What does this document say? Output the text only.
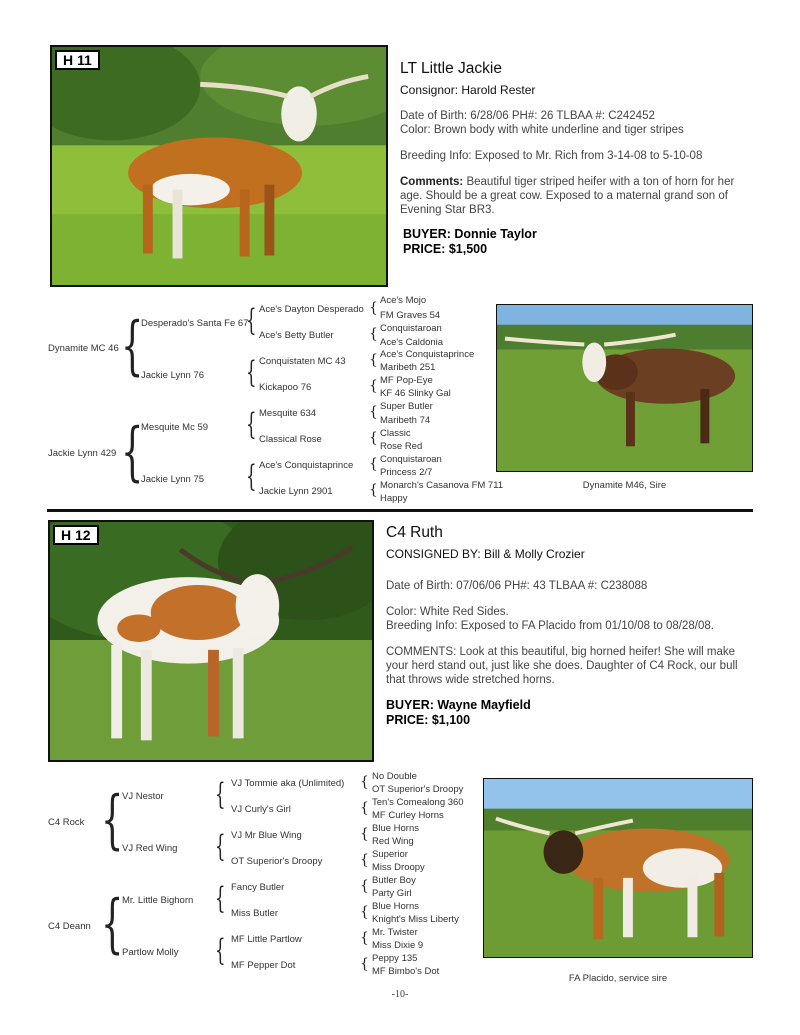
H 11	LT Little Jackie
Consignor: Harold Rester

Date of Birth: 6/28/06 PH#: 26 TLBAA #: C242452
Color: Brown body with white underline and tiger stripes

Breeding Info: Exposed to Mr. Rich from 3-14-08 to 5-10-08

Comments: Beautiful tiger striped heifer with a ton of horn for her age. Should be a great cow. Exposed to a maternal grand son of Evening Star BR3.

BUYER: Donnie Taylor
PRICE: $1,500
Dynamite MC 46
Jackie Lynn 429
{
{
Desperado's Santa Fe 67
Jackie Lynn 76
Mesquite Mc 59
Jackie Lynn 75
{
{
{
{
Ace's Dayton Desperado
Ace's Betty Butler
Conquistaten MC 43
Kickapoo 76
Mesquite 634
Classical Rose
Ace's Conquistaprince
Jackie Lynn 2901
{
{
{
{
{
{
{
{
Ace's Mojo
FM Graves 54
Conquistaroan
Ace's Caldonia
Ace's Conquistaprince
Maribeth 251
MF Pop-Eye
KF 46 Slinky Gal
Super Butler
Maribeth 74
Classic
Rose Red
Conquistaroan
Princess 2/7
Monarch's Casanova FM 711
Happy
Dynamite M46, Sire
H 12	C4 Ruth
CONSIGNED BY: Bill & Molly Crozier

Date of Birth: 07/06/06 PH#: 43 TLBAA #: C238088

Color: White Red Sides.
Breeding Info: Exposed to FA Placido from 01/10/08 to 08/28/08.

COMMENTS: Look at this beautiful, big horned heifer! She will make your herd stand out, just like she does. Daughter of C4 Rock, our bull that throws wide stretched horns.

BUYER: Wayne Mayfield
PRICE: $1,100
C4 Rock
C4 Deann
{
{
VJ Nestor
VJ Red Wing
Mr. Little Bighorn
Partlow Molly
{
{
{
{
VJ Tommie aka (Unlimited)
VJ Curly's Girl
VJ Mr Blue Wing
OT Superior's Droopy
Fancy Butler
Miss Butler
MF Little Partlow
MF Pepper Dot
{
{
{
{
{
{
{
{
No Double
OT Superior's Droopy
Ten's Comealong 360
MF Curley Horns
Blue Horns
Red Wing
Superior
Miss Droopy
Butler Boy
Party Girl
Blue Horns
Knight's Miss Liberty
Mr. Twister
Miss Dixie 9
Peppy 135
MF Bimbo's Dot
FA Placido, service sire
-10-
